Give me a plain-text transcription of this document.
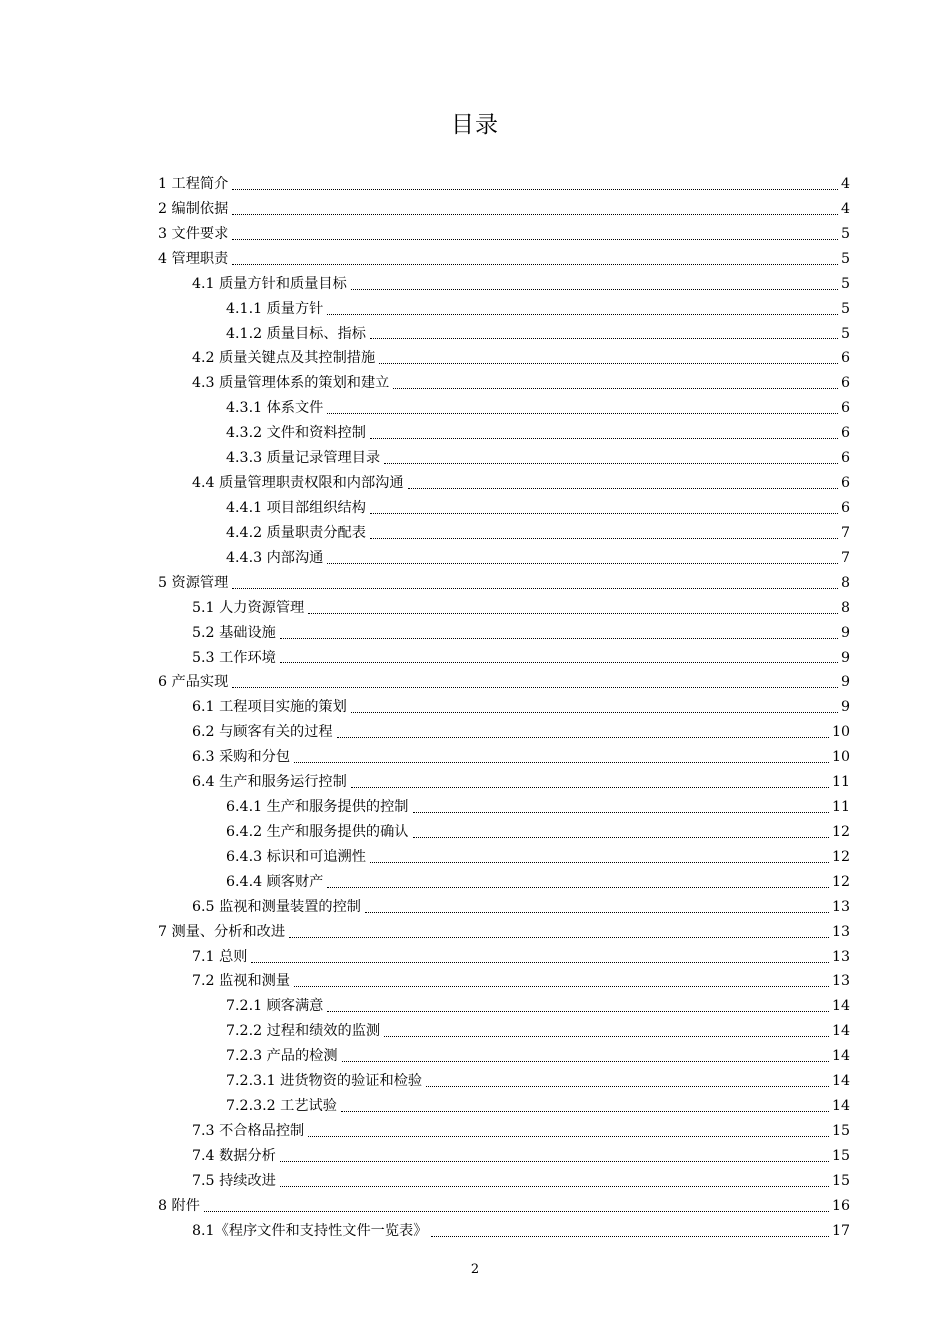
目录
1 工程简介	4
2 编制依据	4
3 文件要求	5
4 管理职责	5
4.1 质量方针和质量目标	5
4.1.1 质量方针	5
4.1.2 质量目标、指标	5
4.2 质量关键点及其控制措施	6
4.3 质量管理体系的策划和建立	6
4.3.1 体系文件	6
4.3.2 文件和资料控制	6
4.3.3 质量记录管理目录	6
4.4 质量管理职责权限和内部沟通	6
4.4.1 项目部组织结构	6
4.4.2 质量职责分配表	7
4.4.3 内部沟通	7
5 资源管理	8
5.1 人力资源管理	8
5.2 基础设施	9
5.3 工作环境	9
6 产品实现	9
6.1 工程项目实施的策划	9
6.2 与顾客有关的过程	10
6.3 采购和分包	10
6.4 生产和服务运行控制	11
6.4.1 生产和服务提供的控制	11
6.4.2 生产和服务提供的确认	12
6.4.3 标识和可追溯性	12
6.4.4 顾客财产	12
6.5 监视和测量装置的控制	13
7 测量、分析和改进	13
7.1 总则	13
7.2 监视和测量	13
7.2.1 顾客满意	14
7.2.2 过程和绩效的监测	14
7.2.3 产品的检测	14
7.2.3.1 进货物资的验证和检验	14
7.2.3.2 工艺试验	14
7.3 不合格品控制	15
7.4 数据分析	15
7.5 持续改进	15
8 附件	16
8.1《程序文件和支持性文件一览表》	17
2
